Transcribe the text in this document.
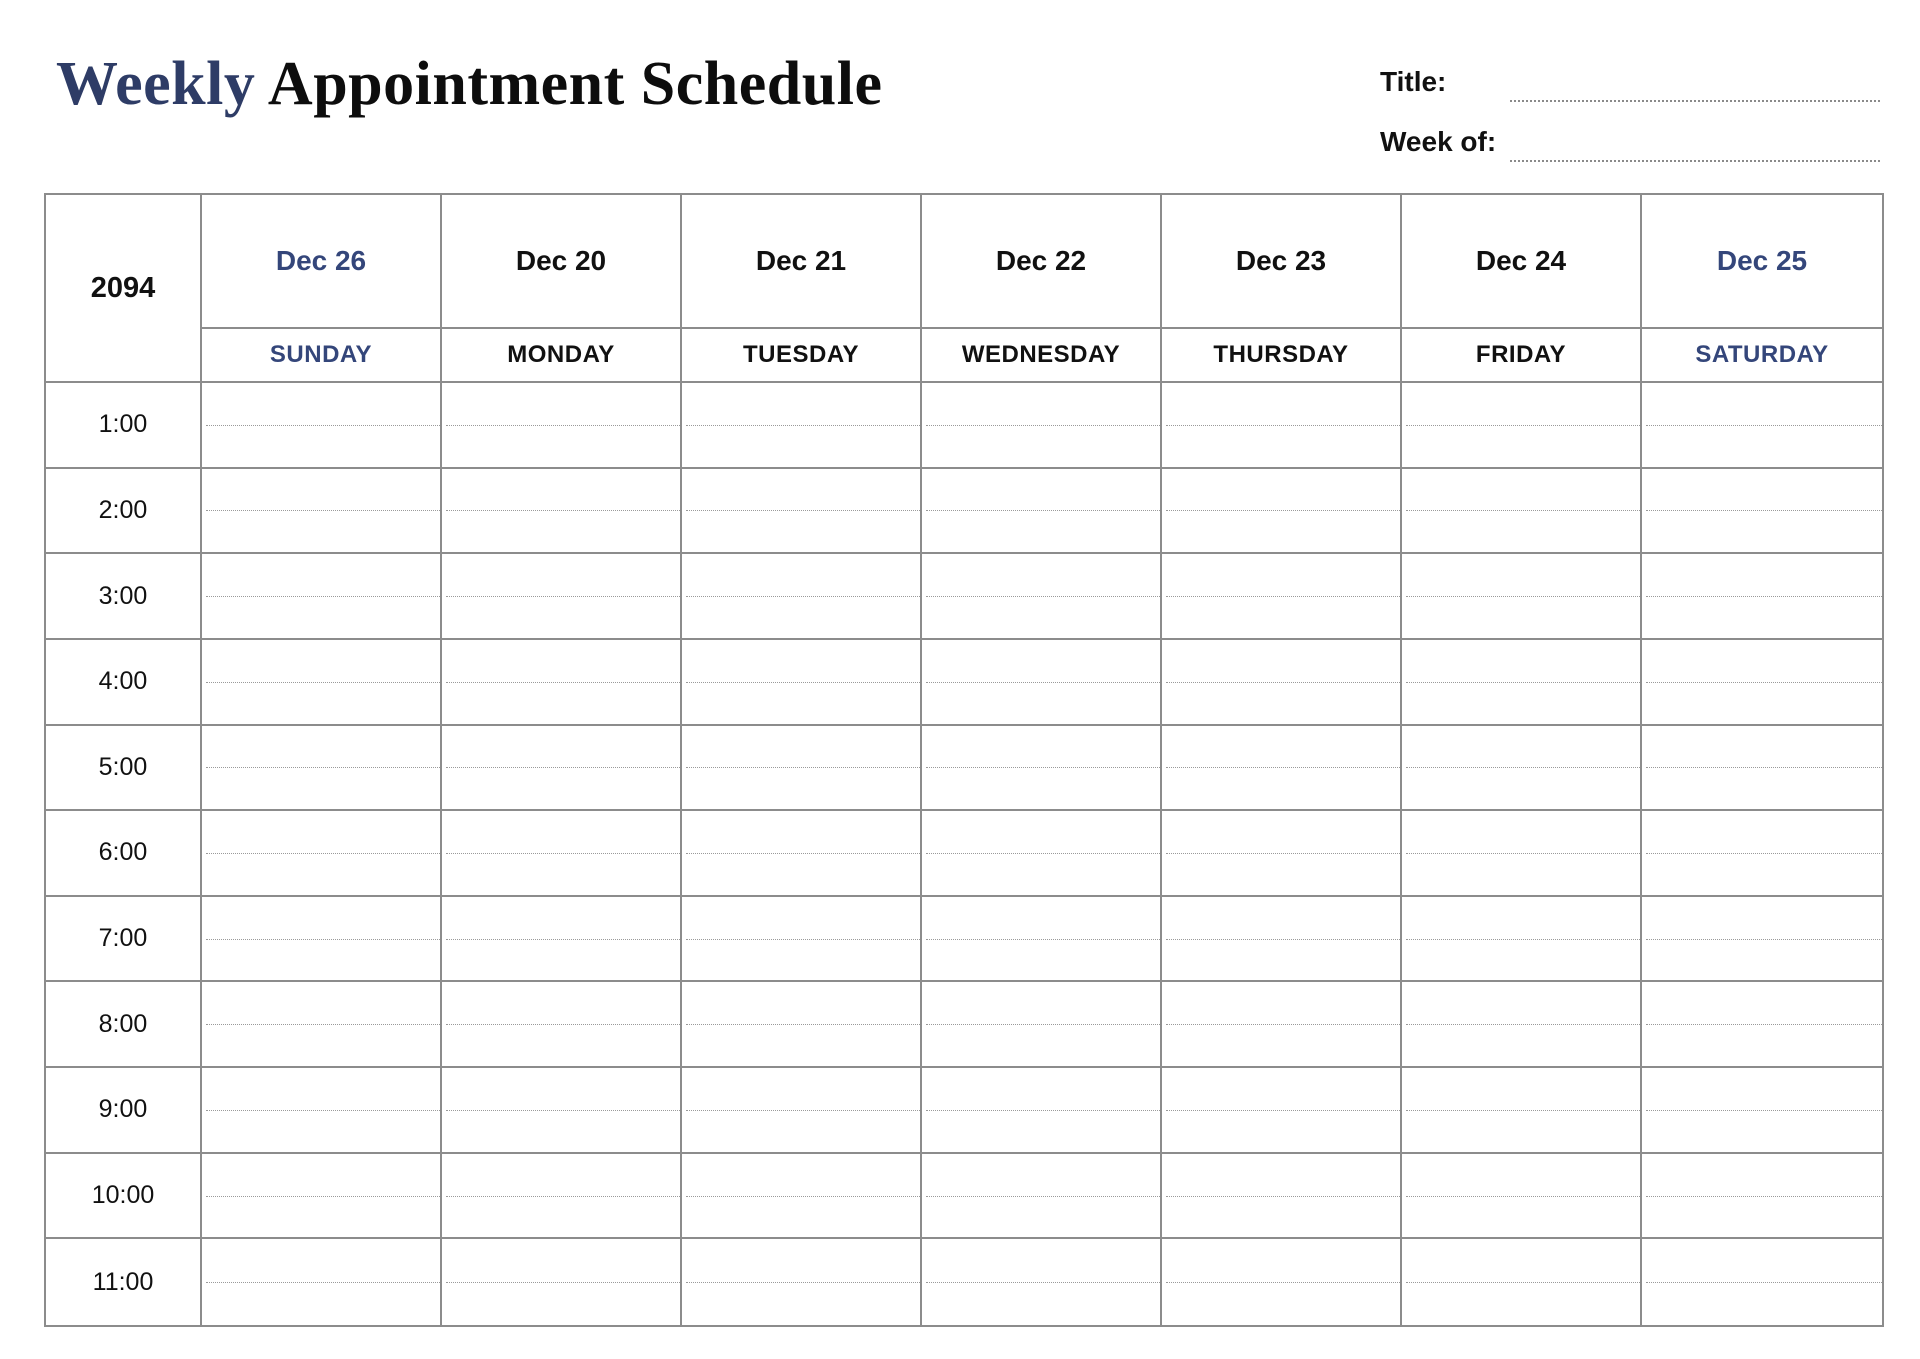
Weekly Appointment Schedule	Title:
Week of:
2094
Dec 26	Dec 20	Dec 21	Dec 22	Dec 23	Dec 24	Dec 25
SUNDAY	MONDAY	TUESDAY	WEDNESDAY	THURSDAY	FRIDAY	SATURDAY
1:00
2:00
3:00
4:00
5:00
6:00
7:00
8:00
9:00
10:00
11:00
